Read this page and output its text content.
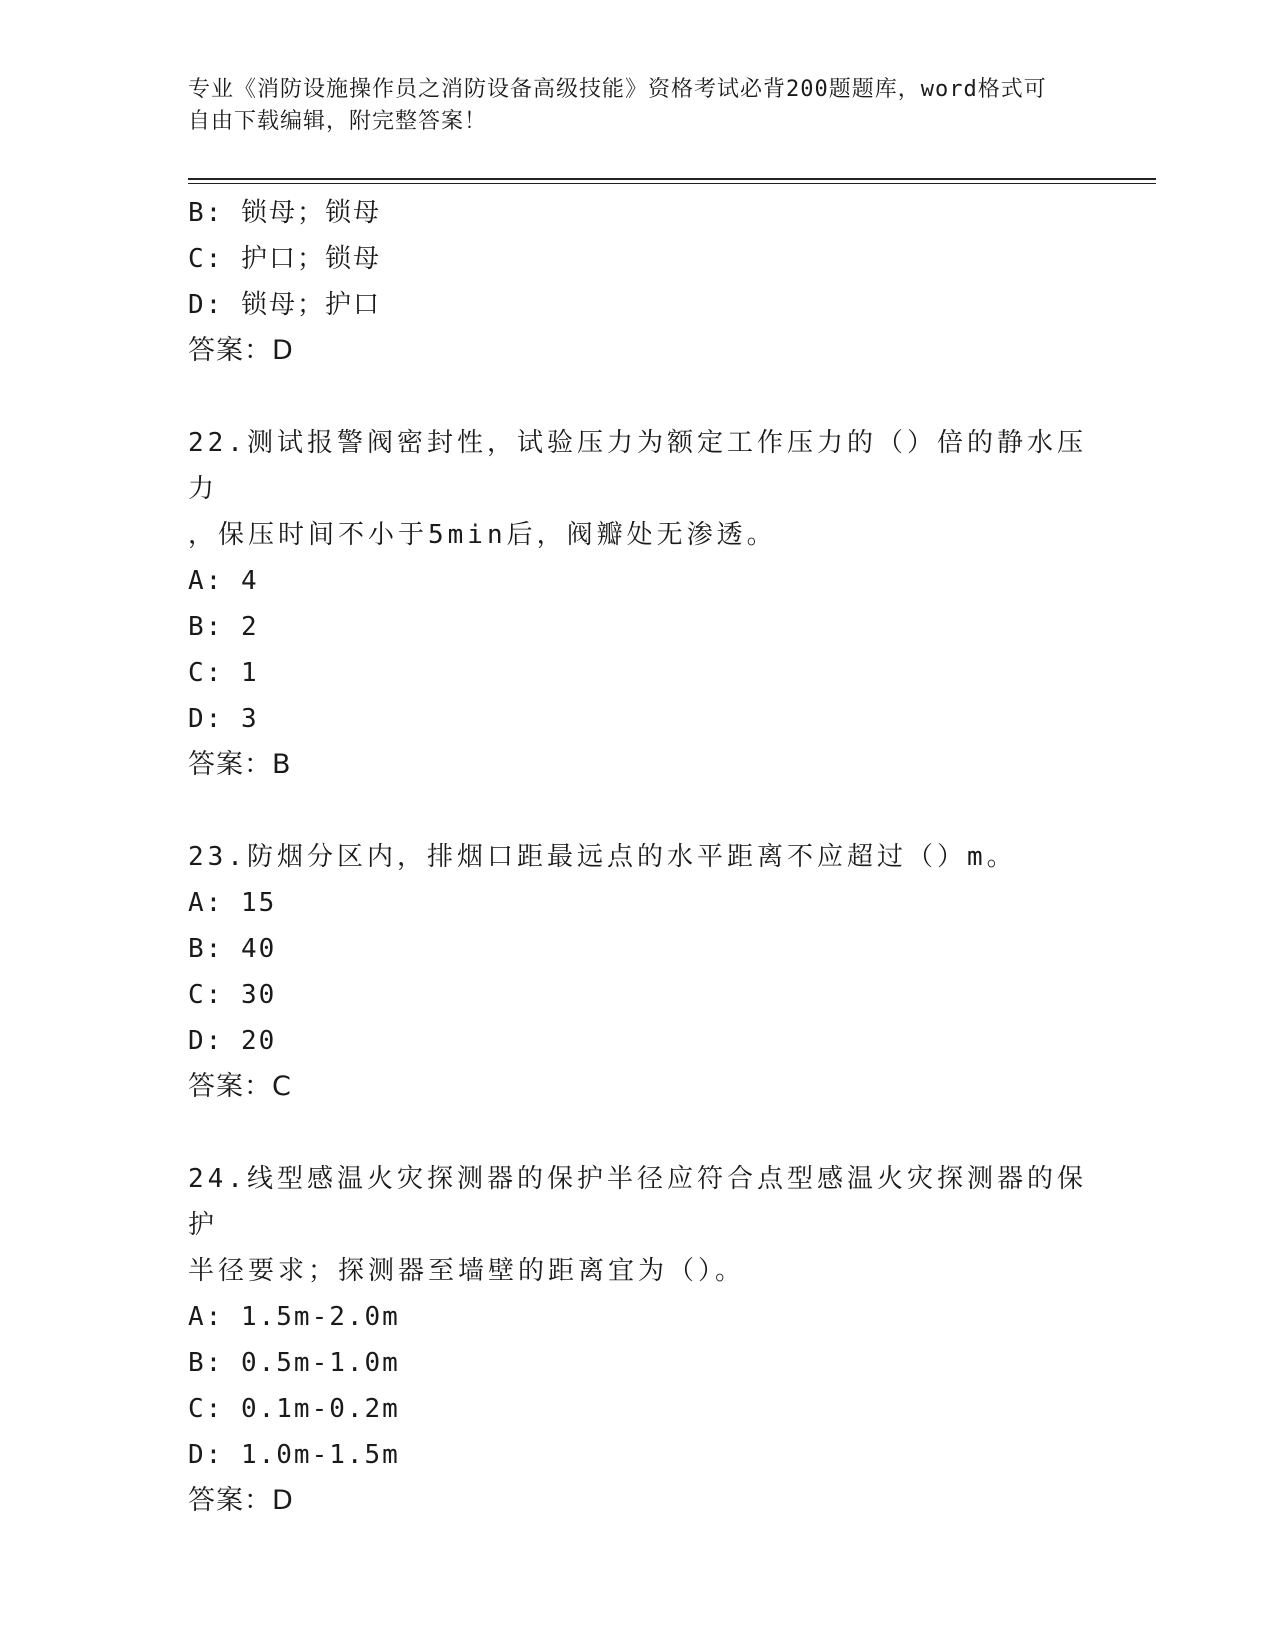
专业《消防设施操作员之消防设备高级技能》资格考试必背200题题库，word格式可自由下载编辑，附完整答案！
B: 锁母；锁母
C: 护口；锁母
D: 锁母；护口
答案：D
22.测试报警阀密封性，试验压力为额定工作压力的（）倍的静水压力
，保压时间不小于5min后，阀瓣处无渗透。
A: 4
B: 2
C: 1
D: 3
答案：B
23.防烟分区内，排烟口距最远点的水平距离不应超过（）m。
A: 15
B: 40
C: 30
D: 20
答案：C
24.线型感温火灾探测器的保护半径应符合点型感温火灾探测器的保护
半径要求；探测器至墙壁的距离宜为（）。
A: 1.5m-2.0m
B: 0.5m-1.0m
C: 0.1m-0.2m
D: 1.0m-1.5m
答案：D
